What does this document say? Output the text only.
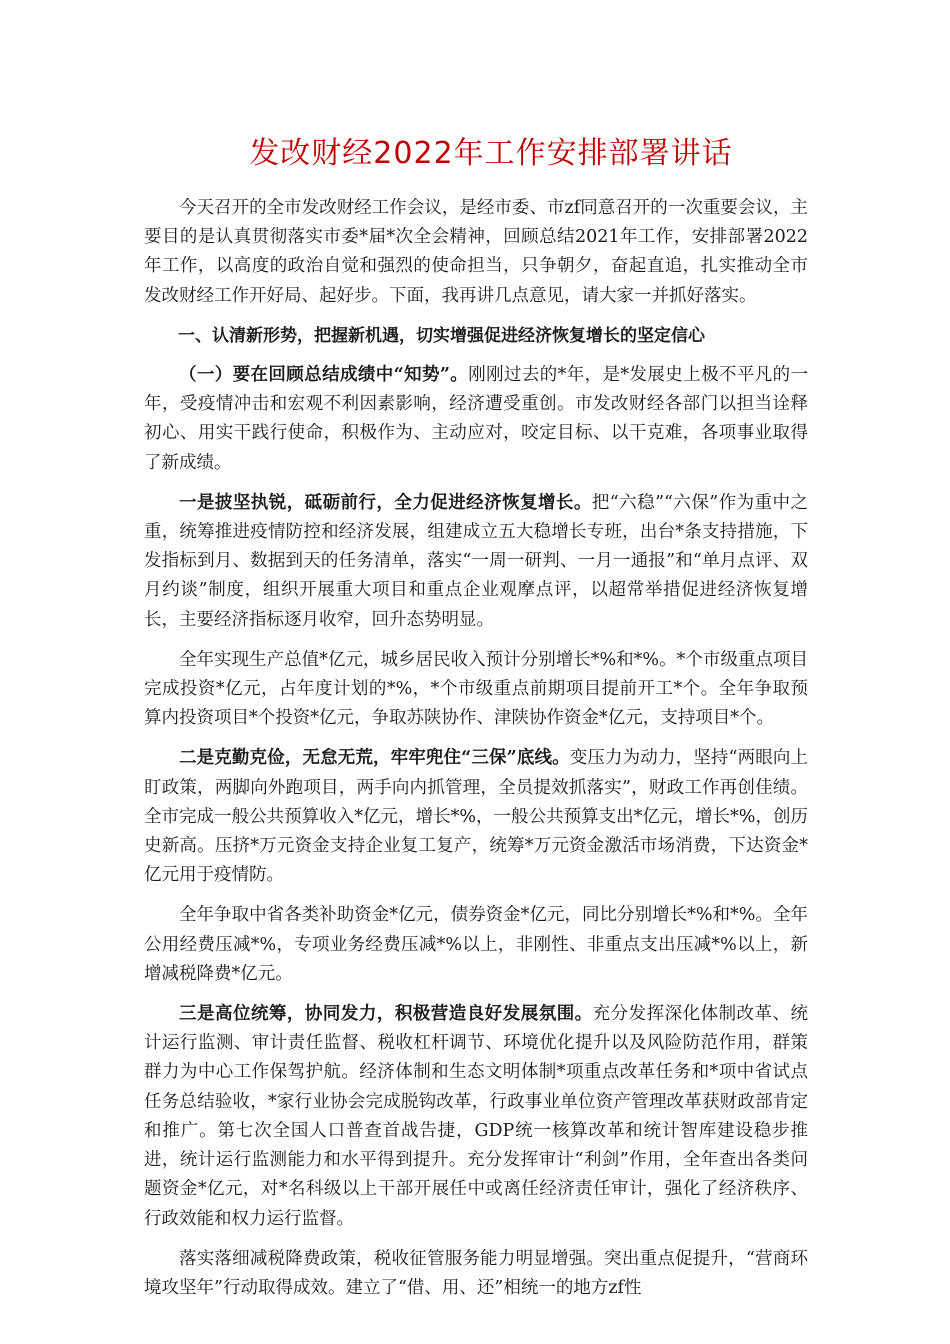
发改财经2022年工作安排部署讲话

今天召开的全市发改财经工作会议，是经市委、市zf同意召开的一次重要会议，主要目的是认真贯彻落实市委*届*次全会精神，回顾总结2021年工作，安排部署2022年工作，以高度的政治自觉和强烈的使命担当，只争朝夕，奋起直追，扎实推动全市发改财经工作开好局、起好步。下面，我再讲几点意见，请大家一并抓好落实。

一、认清新形势，把握新机遇，切实增强促进经济恢复增长的坚定信心

（一）要在回顾总结成绩中“知势”。刚刚过去的*年，是*发展史上极不平凡的一年，受疫情冲击和宏观不利因素影响，经济遭受重创。市发改财经各部门以担当诠释初心、用实干践行使命，积极作为、主动应对，咬定目标、以干克难，各项事业取得了新成绩。

一是披坚执锐，砥砺前行，全力促进经济恢复增长。把“六稳”“六保”作为重中之重，统筹推进疫情防控和经济发展，组建成立五大稳增长专班，出台*条支持措施，下发指标到月、数据到天的任务清单，落实“一周一研判、一月一通报”和“单月点评、双月约谈”制度，组织开展重大项目和重点企业观摩点评，以超常举措促进经济恢复增长，主要经济指标逐月收窄，回升态势明显。

全年实现生产总值*亿元，城乡居民收入预计分别增长*%和*%。*个市级重点项目完成投资*亿元，占年度计划的*%，*个市级重点前期项目提前开工*个。全年争取预算内投资项目*个投资*亿元，争取苏陕协作、津陕协作资金*亿元，支持项目*个。

二是克勤克俭，无怠无荒，牢牢兜住“三保”底线。变压力为动力，坚持“两眼向上盯政策，两脚向外跑项目，两手向内抓管理，全员提效抓落实”，财政工作再创佳绩。全市完成一般公共预算收入*亿元，增长*%，一般公共预算支出*亿元，增长*%，创历史新高。压挤*万元资金支持企业复工复产，统筹*万元资金激活市场消费，下达资金*亿元用于疫情防。

全年争取中省各类补助资金*亿元，债券资金*亿元，同比分别增长*%和*%。全年公用经费压减*%，专项业务经费压减*%以上，非刚性、非重点支出压减*%以上，新增减税降费*亿元。

三是高位统筹，协同发力，积极营造良好发展氛围。充分发挥深化体制改革、统计运行监测、审计责任监督、税收杠杆调节、环境优化提升以及风险防范作用，群策群力为中心工作保驾护航。经济体制和生态文明体制*项重点改革任务和*项中省试点任务总结验收，*家行业协会完成脱钩改革，行政事业单位资产管理改革获财政部肯定和推广。第七次全国人口普查首战告捷，GDP统一核算改革和统计智库建设稳步推进，统计运行监测能力和水平得到提升。充分发挥审计“利剑”作用，全年查出各类问题资金*亿元，对*名科级以上干部开展任中或离任经济责任审计，强化了经济秩序、行政效能和权力运行监督。

落实落细减税降费政策，税收征管服务能力明显增强。突出重点促提升，“营商环境攻坚年”行动取得成效。建立了“借、用、还”相统一的地方zf性
